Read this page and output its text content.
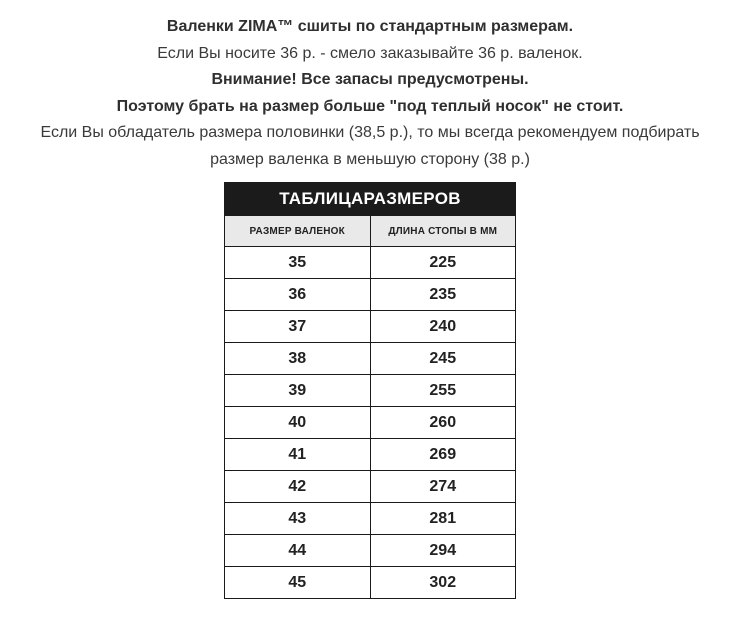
Валенки ZIMA™ сшиты по стандартным размерам.
Если Вы носите 36 р. - смело заказывайте 36 р. валенок.
Внимание! Все запасы предусмотрены.
Поэтому брать на размер больше "под теплый носок" не стоит.
Если Вы обладатель размера половинки (38,5 р.), то мы всегда рекомендуем подбирать
размер валенка в меньшую сторону (38 р.)
ТАБЛИЦАРАЗМЕРОВ
РАЗМЕР ВАЛЕНОК	ДЛИНА СТОПЫ В ММ
35	225
36	235
37	240
38	245
39	255
40	260
41	269
42	274
43	281
44	294
45	302
